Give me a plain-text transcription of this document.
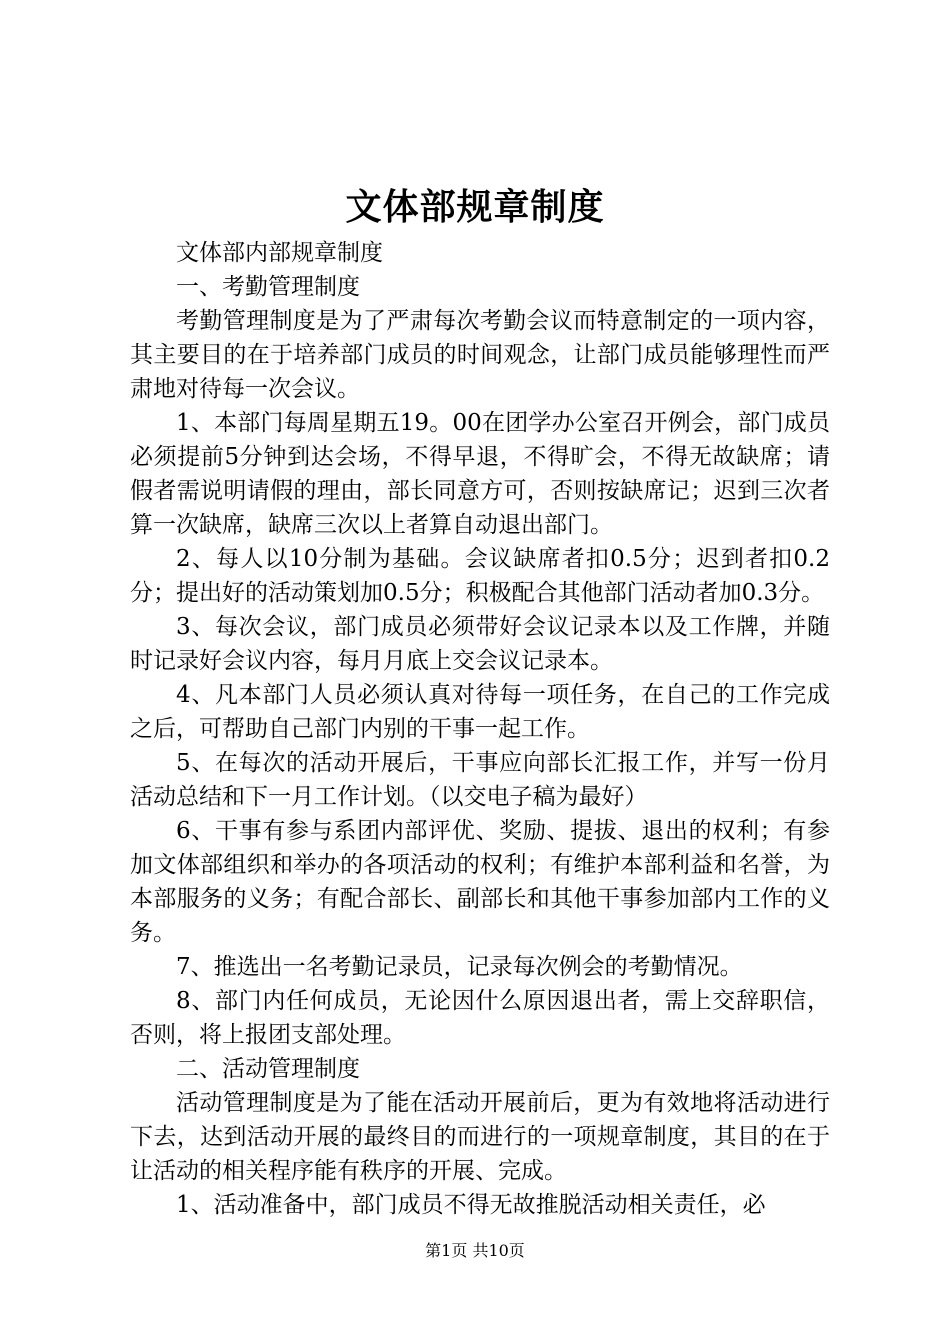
文体部规章制度

文体部内部规章制度

一、考勤管理制度

考勤管理制度是为了严肃每次考勤会议而特意制定的一项内容，其主要目的在于培养部门成员的时间观念，让部门成员能够理性而严肃地对待每一次会议。

1、本部门每周星期五19。00在团学办公室召开例会，部门成员必须提前5分钟到达会场，不得早退，不得旷会，不得无故缺席；请假者需说明请假的理由，部长同意方可，否则按缺席记；迟到三次者算一次缺席，缺席三次以上者算自动退出部门。

2、每人以10分制为基础。会议缺席者扣0.5分；迟到者扣0.2分；提出好的活动策划加0.5分；积极配合其他部门活动者加0.3分。

3、每次会议，部门成员必须带好会议记录本以及工作牌，并随时记录好会议内容，每月月底上交会议记录本。

4、凡本部门人员必须认真对待每一项任务，在自己的工作完成之后，可帮助自己部门内别的干事一起工作。

5、在每次的活动开展后，干事应向部长汇报工作，并写一份月活动总结和下一月工作计划。（以交电子稿为最好）

6、干事有参与系团内部评优、奖励、提拔、退出的权利；有参加文体部组织和举办的各项活动的权利；有维护本部利益和名誉，为本部服务的义务；有配合部长、副部长和其他干事参加部内工作的义务。

7、推选出一名考勤记录员，记录每次例会的考勤情况。

8、部门内任何成员，无论因什么原因退出者，需上交辞职信，否则，将上报团支部处理。

二、活动管理制度

活动管理制度是为了能在活动开展前后，更为有效地将活动进行下去，达到活动开展的最终目的而进行的一项规章制度，其目的在于让活动的相关程序能有秩序的开展、完成。

1、活动准备中，部门成员不得无故推脱活动相关责任，必

第1页 共10页
